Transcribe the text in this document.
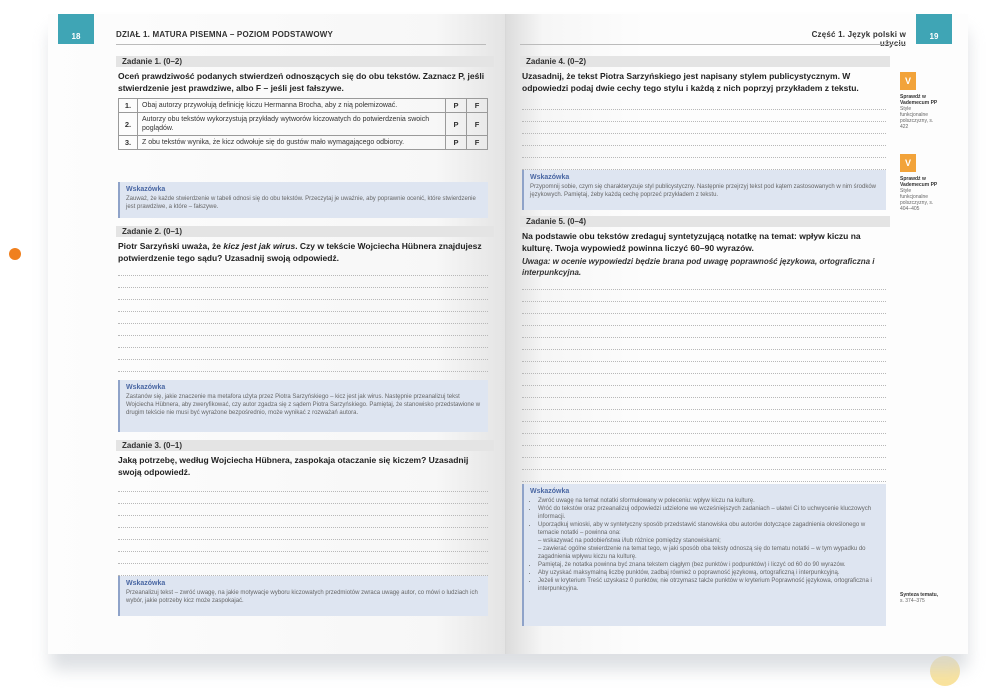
18	DZIAŁ 1. MATURA PISEMNA – POZIOM PODSTAWOWY
Zadanie 1. (0–2)
Oceń prawdziwość podanych stwierdzeń odnoszących się do obu tekstów. Zaznacz P, jeśli stwierdzenie jest prawdziwe, albo F – jeśli jest fałszywe.
1.	Obaj autorzy przywołują definicję kiczu Hermanna Brocha, aby z nią polemizować.	P	F
2.	Autorzy obu tekstów wykorzystują przykłady wytworów kiczowatych do potwierdzenia swoich poglądów.	P	F
3.	Z obu tekstów wynika, że kicz odwołuje się do gustów mało wymagającego odbiorcy.	P	F
Wskazówka
Zauważ, że każde stwierdzenie w tabeli odnosi się do obu tekstów. Przeczytaj je uważnie, aby poprawnie ocenić, które stwierdzenie jest prawdziwe, a które – fałszywe.
Zadanie 2. (0–1)
Piotr Sarzyński uważa, że kicz jest jak wirus. Czy w tekście Wojciecha Hübnera znajdujesz potwierdzenie tego sądu? Uzasadnij swoją odpowiedź.
Wskazówka
Zastanów się, jakie znaczenie ma metafora użyta przez Piotra Sarzyńskiego – kicz jest jak wirus. Następnie przeanalizuj tekst Wojciecha Hübnera, aby zweryfikować, czy autor zgadza się z sądem Piotra Sarzyńskiego. Pamiętaj, że stanowisko przedstawione w drugim tekście nie musi być wyrażone bezpośrednio, może wynikać z rozważań autora.
Zadanie 3. (0–1)
Jaką potrzebę, według Wojciecha Hübnera, zaspokaja otaczanie się kiczem? Uzasadnij swoją odpowiedź.
Wskazówka
Przeanalizuj tekst – zwróć uwagę, na jakie motywacje wyboru kiczowatych przedmiotów zwraca uwagę autor, co mówi o ludziach ich wybór, jakie potrzeby kicz może zaspokajać.
19
Część 1. Język polski w
Zadanie 4. (0–2)
Uzasadnij, że tekst Piotra Sarzyńskiego jest napisany stylem publicystycznym. W odpowiedzi podaj dwie cechy tego stylu i każdą z nich poprzyj przykładem z tekstu.
Wskazówka
Przypomnij sobie, czym się charakteryzuje styl publicystyczny. Następnie przejrzyj tekst pod kątem zastosowanych w nim środków językowych. Pamiętaj, żeby każdą cechę poprzeć przykładem z tekstu.
Zadanie 5. (0–4)
Na podstawie obu tekstów zredaguj syntetyzującą notatkę na temat: wpływ kiczu na kulturę. Twoja wypowiedź powinna liczyć 60–90 wyrazów.
Uwaga: w ocenie wypowiedzi będzie brana pod uwagę poprawność językowa, ortograficzna i interpunkcyjna.
Wskazówka
• Zwróć uwagę na temat notatki sformułowany w poleceniu: wpływ kiczu na kulturę.
• Wróć do tekstów oraz przeanalizuj odpowiedzi udzielone we wcześniejszych zadaniach – ułatwi Ci to uchwycenie kluczowych informacji.
• Uporządkuj wnioski, aby w syntetyczny sposób przedstawić stanowiska obu autorów dotyczące zagadnienia określonego w temacie notatki – powinna ona:
– wskazywać na podobieństwa i/lub różnice pomiędzy stanowiskami;
– zawierać ogólne stwierdzenie na temat tego, w jaki sposób oba teksty odnoszą się do tematu notatki – w tym wypadku do zagadnienia wpływu kiczu na kulturę.
• Pamiętaj, że notatka powinna być znana tekstem ciągłym (bez punktów i podpunktów) i liczyć od 60 do 90 wyrazów.
• Aby uzyskać maksymalną liczbę punktów, zadbaj również o poprawność językową, ortograficzną i interpunkcyjną.
• Jeżeli w kryterium Treść uzyskasz 0 punktów, nie otrzymasz także punktów w kryterium Poprawność językowa, ortograficzna i interpunkcyjna.
V
Sprawdź w Vademecum PP
Style funkcjonalne polszczyzny, s. 422
V
Sprawdź w Vademecum PP
Style funkcjonalne polszczyzny, s. 404–405
Synteza tematu,
s. 374–375
